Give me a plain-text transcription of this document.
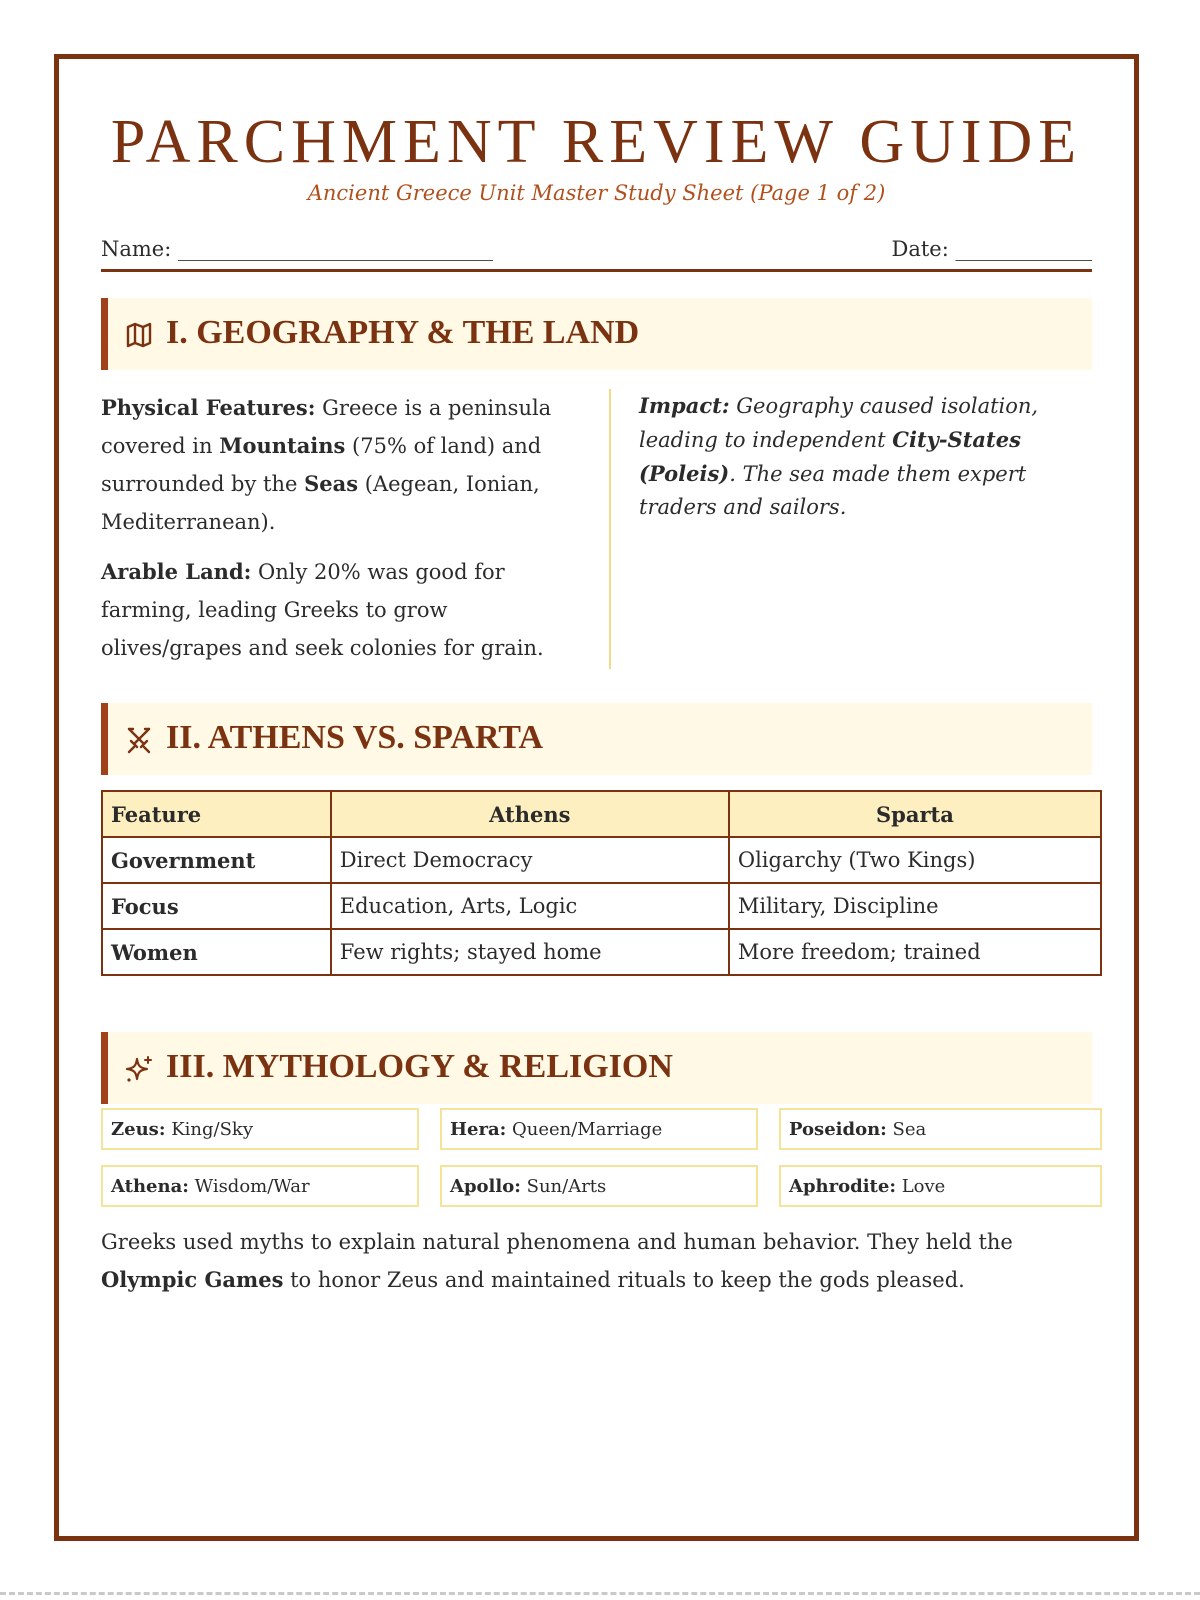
PARCHMENT REVIEW GUIDE
Ancient Greece Unit Master Study Sheet (Page 1 of 2)
Name: ______________________________	Date: _____________
I. GEOGRAPHY & THE LAND

Physical Features: Greece is a peninsula covered in Mountains (75% of land) and surrounded by the Seas (Aegean, Ionian, Mediterranean).

Arable Land: Only 20% was good for farming, leading Greeks to grow olives/grapes and seek colonies for grain.

Impact: Geography caused isolation, leading to independent City-States (Poleis). The sea made them expert traders and sailors.
II. ATHENS VS. SPARTA
Feature	Athens	Sparta
Government	Direct Democracy	Oligarchy (Two Kings)
Focus	Education, Arts, Logic	Military, Discipline
Women	Few rights; stayed home	More freedom; trained
III. MYTHOLOGY & RELIGION
Zeus: King/Sky	Hera: Queen/Marriage	Poseidon: Sea
Athena: Wisdom/War	Apollo: Sun/Arts	Aphrodite: Love
Greeks used myths to explain natural phenomena and human behavior. They held the Olympic Games to honor Zeus and maintained rituals to keep the gods pleased.
